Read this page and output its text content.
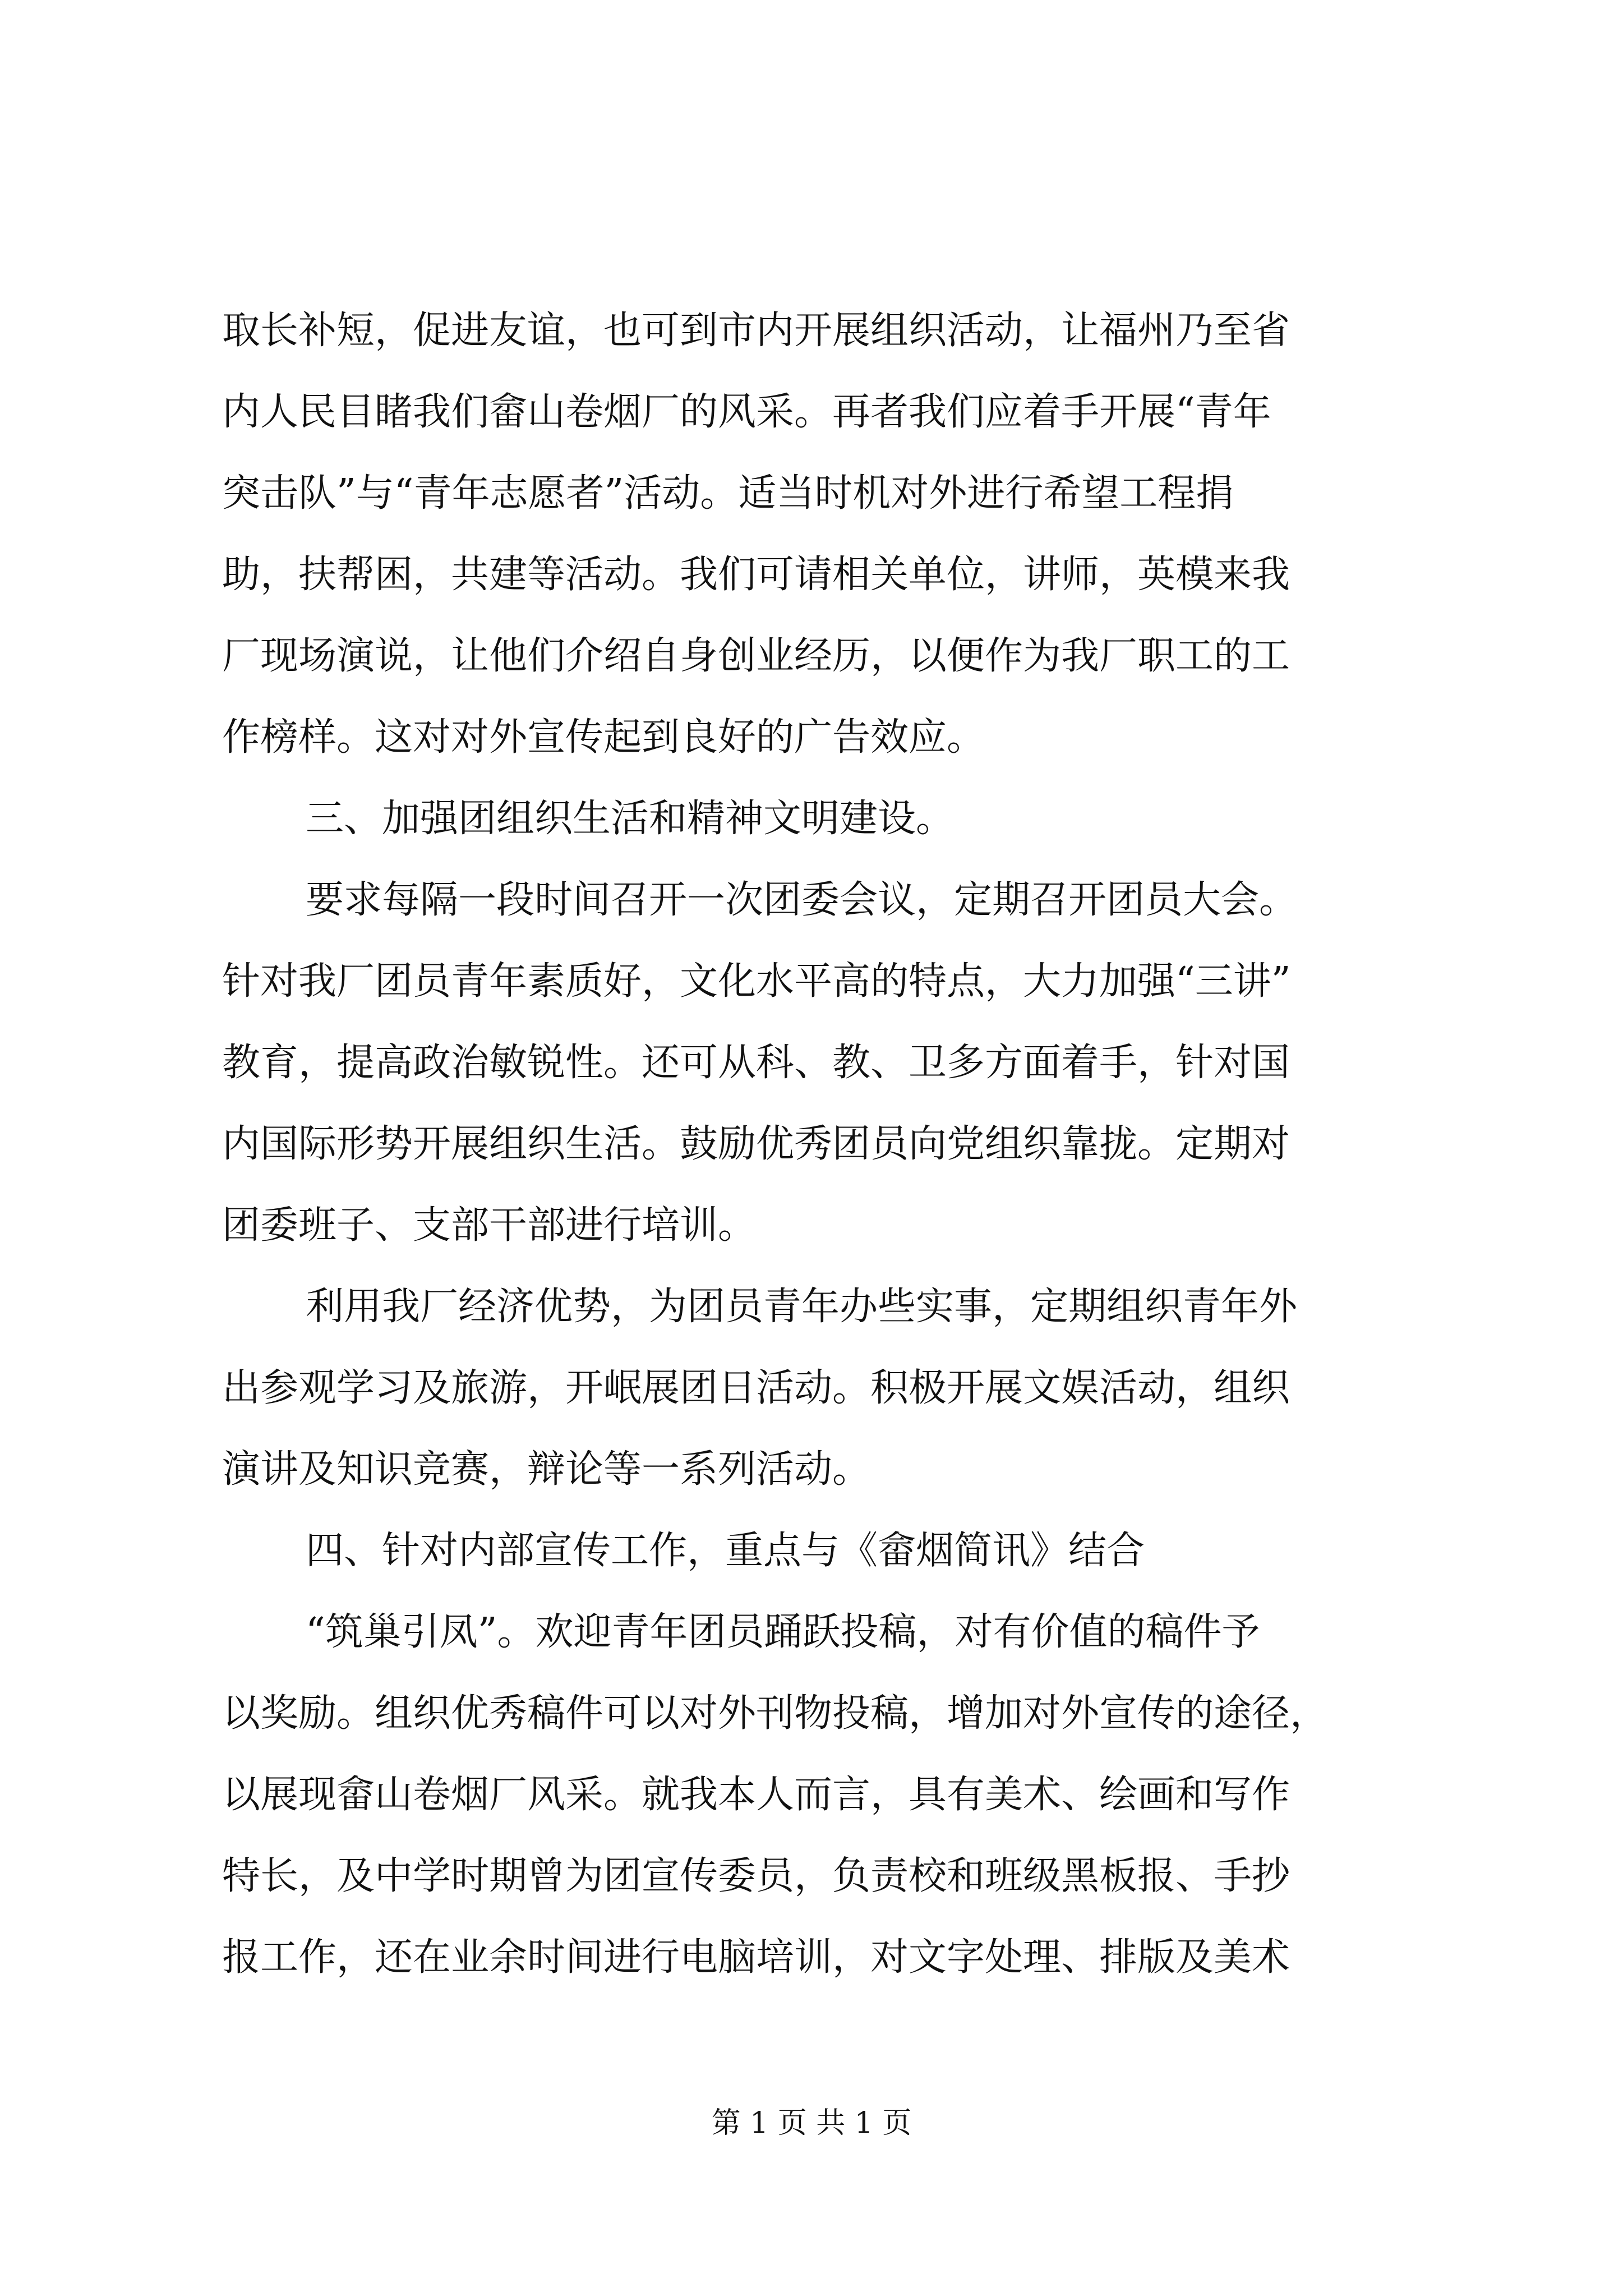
取长补短，促进友谊，也可到市内开展组织活动，让福州乃至省
内人民目睹我们畲山卷烟厂的风采。再者我们应着手开展“青年
突击队”与“青年志愿者”活动。适当时机对外进行希望工程捐
助，扶帮困，共建等活动。我们可请相关单位，讲师，英模来我
厂现场演说，让他们介绍自身创业经历，以便作为我厂职工的工
作榜样。这对对外宣传起到良好的广告效应。
三、加强团组织生活和精神文明建设。
要求每隔一段时间召开一次团委会议，定期召开团员大会。
针对我厂团员青年素质好，文化水平高的特点，大力加强“三讲”
教育，提高政治敏锐性。还可从科、教、卫多方面着手，针对国
内国际形势开展组织生活。鼓励优秀团员向党组织靠拢。定期对
团委班子、支部干部进行培训。
利用我厂经济优势，为团员青年办些实事，定期组织青年外
出参观学习及旅游，开岷展团日活动。积极开展文娱活动，组织
演讲及知识竞赛，辩论等一系列活动。
四、针对内部宣传工作，重点与《畲烟简讯》结合
“筑巢引凤”。欢迎青年团员踊跃投稿，对有价值的稿件予
以奖励。组织优秀稿件可以对外刊物投稿，增加对外宣传的途径，
以展现畲山卷烟厂风采。就我本人而言，具有美术、绘画和写作
特长，及中学时期曾为团宣传委员，负责校和班级黑板报、手抄
报工作，还在业余时间进行电脑培训，对文字处理、排版及美术
第 1 页 共 1 页
